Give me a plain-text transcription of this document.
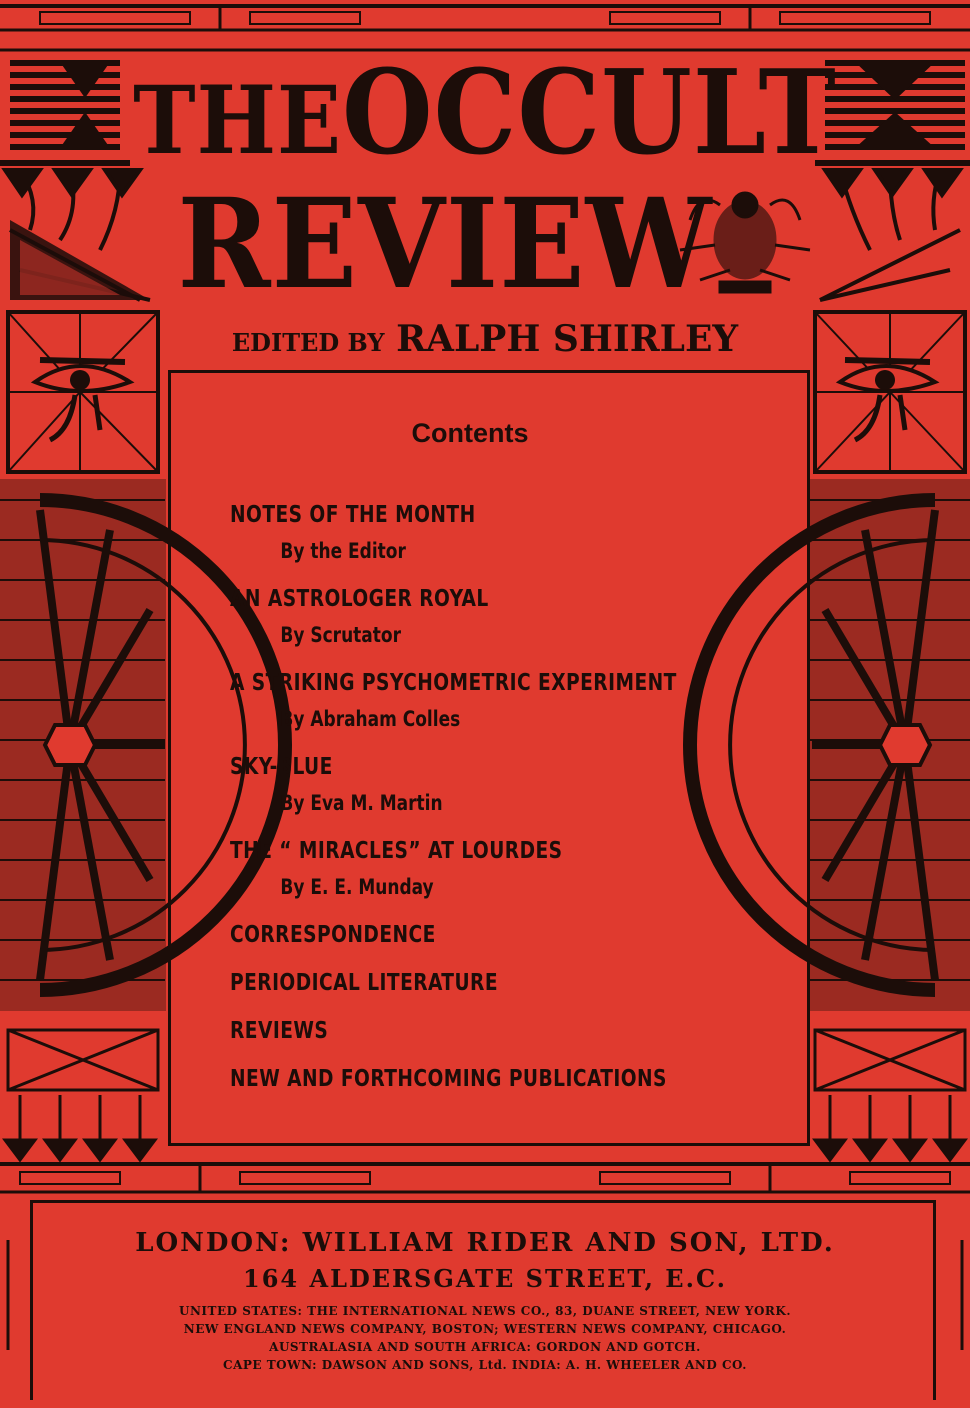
THEOCCULT
REVIEW
EDITED BY RALPH SHIRLEY
Contents
NOTES OF THE MONTH
By the Editor
AN ASTROLOGER ROYAL
By Scrutator
A STRIKING PSYCHOMETRIC EXPERIMENT
By Abraham Colles
SKY-BLUE
By Eva M. Martin
THE “ MIRACLES” AT LOURDES
By E. E. Munday
CORRESPONDENCE
PERIODICAL LITERATURE
REVIEWS
NEW AND FORTHCOMING PUBLICATIONS
LONDON: WILLIAM RIDER AND SON, LTD.
164 ALDERSGATE STREET, E.C.
UNITED STATES: THE INTERNATIONAL NEWS CO., 83, DUANE STREET, NEW YORK.
NEW ENGLAND NEWS COMPANY, BOSTON; WESTERN NEWS COMPANY, CHICAGO.
AUSTRALASIA AND SOUTH AFRICA: GORDON AND GOTCH.
CAPE TOWN: DAWSON AND SONS, Ltd. INDIA: A. H. WHEELER AND CO.
